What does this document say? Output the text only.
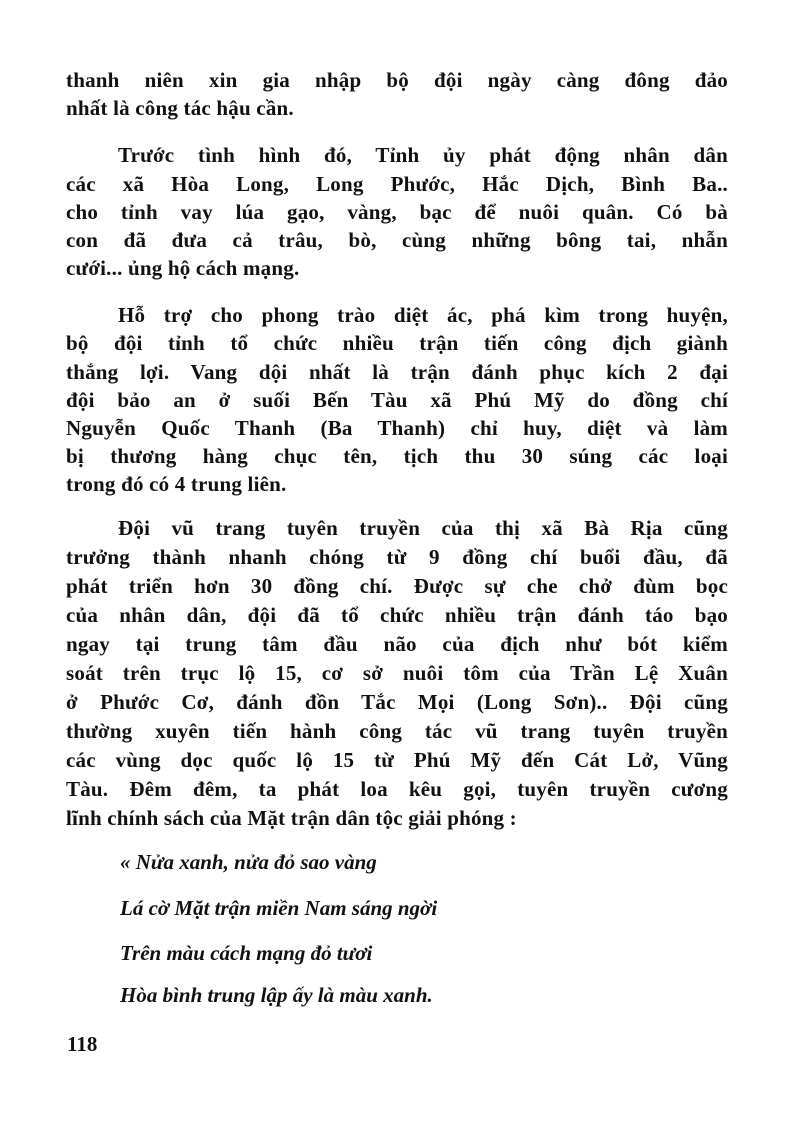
thanh niên xin gia nhập bộ đội ngày càng đông đảo
nhất là công tác hậu cần.
Trước tình hình đó, Tỉnh ủy phát động nhân dân
các xã Hòa Long, Long Phước, Hắc Dịch, Bình Ba..
cho tỉnh vay lúa gạo, vàng, bạc để nuôi quân. Có bà
con đã đưa cả trâu, bò, cùng những bông tai, nhẫn
cưới... ủng hộ cách mạng.
Hỗ trợ cho phong trào diệt ác, phá kìm trong huyện,
bộ đội tỉnh tổ chức nhiều trận tiến công địch giành
thắng lợi. Vang dội nhất là trận đánh phục kích 2 đại
đội bảo an ở suối Bến Tàu xã Phú Mỹ do đồng chí
Nguyễn Quốc Thanh (Ba Thanh) chỉ huy, diệt và làm
bị thương hàng chục tên, tịch thu 30 súng các loại
trong đó có 4 trung liên.
Đội vũ trang tuyên truyền của thị xã Bà Rịa cũng
trưởng thành nhanh chóng từ 9 đồng chí buổi đầu, đã
phát triển hơn 30 đồng chí. Được sự che chở đùm bọc
của nhân dân, đội đã tổ chức nhiều trận đánh táo bạo
ngay tại trung tâm đầu não của địch như bót kiểm
soát trên trục lộ 15, cơ sở nuôi tôm của Trần Lệ Xuân
ở Phước Cơ, đánh đồn Tắc Mọi (Long Sơn).. Đội cũng
thường xuyên tiến hành công tác vũ trang tuyên truyền
các vùng dọc quốc lộ 15 từ Phú Mỹ đến Cát Lở, Vũng
Tàu. Đêm đêm, ta phát loa kêu gọi, tuyên truyền cương
lĩnh chính sách của Mặt trận dân tộc giải phóng :
« Nửa xanh, nửa đỏ sao vàng
Lá cờ Mặt trận miền Nam sáng ngời
Trên màu cách mạng đỏ tươi
Hòa bình trung lập ấy là màu xanh.
118
